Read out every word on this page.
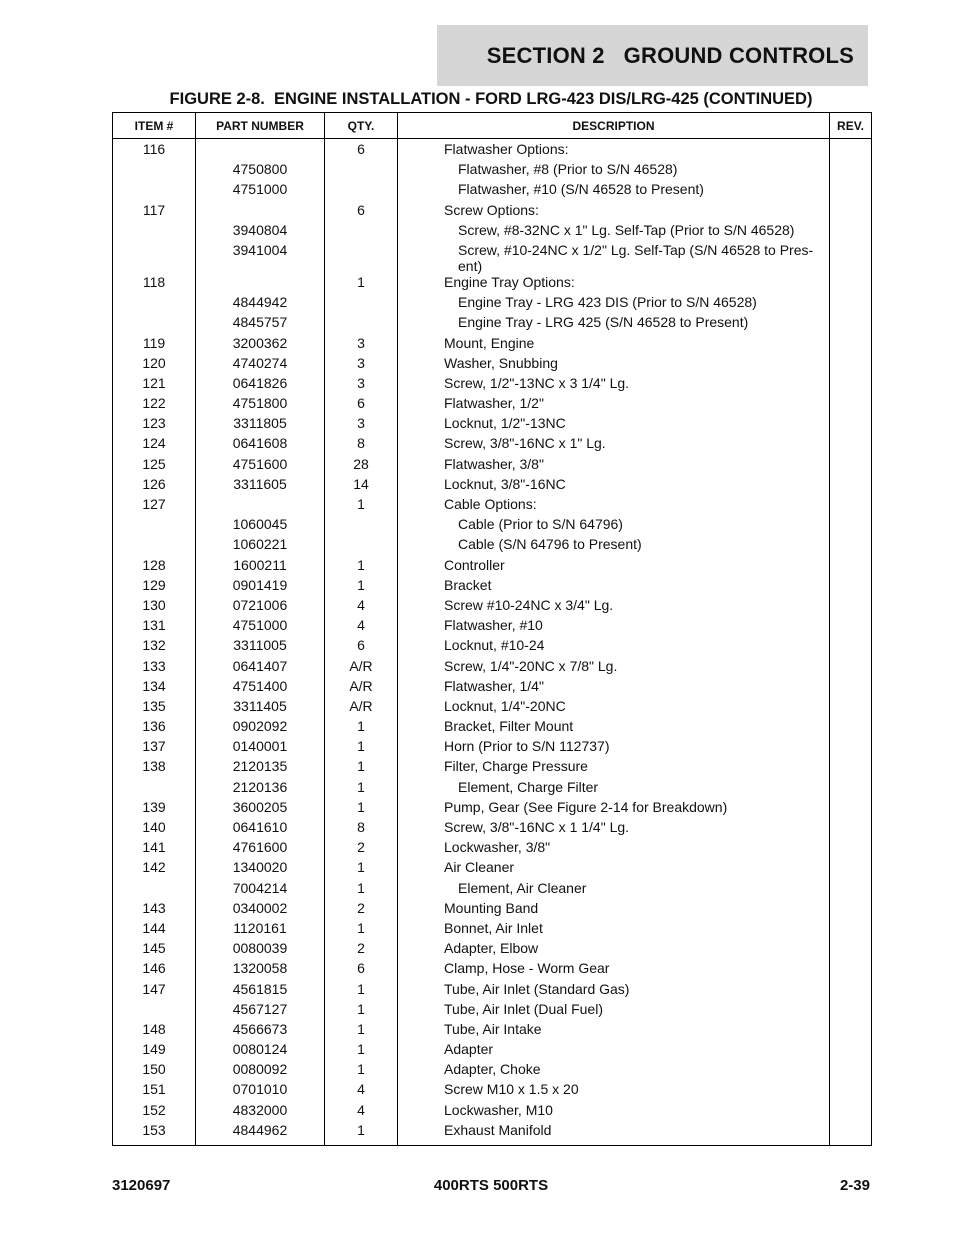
SECTION 2   GROUND CONTROLS
FIGURE 2-8.  ENGINE INSTALLATION - FORD LRG-423 DIS/LRG-425 (CONTINUED)
ITEM #	PART NUMBER	QTY.	DESCRIPTION	REV.
116		6	Flatwasher Options:	
	4750800		Flatwasher, #8 (Prior to S/N 46528)	
	4751000		Flatwasher, #10 (S/N 46528 to Present)	
117		6	Screw Options:	
	3940804		Screw, #8-32NC x 1" Lg. Self-Tap (Prior to S/N 46528)	
	3941004		Screw, #10-24NC x 1/2" Lg. Self-Tap (S/N 46528 to Pres-ent)	
118		1	Engine Tray Options:	
	4844942		Engine Tray - LRG 423 DIS (Prior to S/N 46528)	
	4845757		Engine Tray - LRG 425 (S/N 46528 to Present)	
119	3200362	3	Mount, Engine	
120	4740274	3	Washer, Snubbing	
121	0641826	3	Screw, 1/2"-13NC x 3 1/4" Lg.	
122	4751800	6	Flatwasher, 1/2"	
123	3311805	3	Locknut, 1/2"-13NC	
124	0641608	8	Screw, 3/8"-16NC x 1" Lg.	
125	4751600	28	Flatwasher, 3/8"	
126	3311605	14	Locknut, 3/8"-16NC	
127		1	Cable Options:	
	1060045		Cable (Prior to S/N 64796)	
	1060221		Cable (S/N 64796 to Present)	
128	1600211	1	Controller	
129	0901419	1	Bracket	
130	0721006	4	Screw #10-24NC x 3/4" Lg.	
131	4751000	4	Flatwasher, #10	
132	3311005	6	Locknut, #10-24	
133	0641407	A/R	Screw, 1/4"-20NC x 7/8" Lg.	
134	4751400	A/R	Flatwasher, 1/4"	
135	3311405	A/R	Locknut, 1/4"-20NC	
136	0902092	1	Bracket, Filter Mount	
137	0140001	1	Horn (Prior to S/N 112737)	
138	2120135	1	Filter, Charge Pressure	
	2120136	1	Element, Charge Filter	
139	3600205	1	Pump, Gear (See Figure 2-14 for Breakdown)	
140	0641610	8	Screw, 3/8"-16NC x 1 1/4" Lg.	
141	4761600	2	Lockwasher, 3/8"	
142	1340020	1	Air Cleaner	
	7004214	1	Element, Air Cleaner	
143	0340002	2	Mounting Band	
144	1120161	1	Bonnet, Air Inlet	
145	0080039	2	Adapter, Elbow	
146	1320058	6	Clamp, Hose - Worm Gear	
147	4561815	1	Tube, Air Inlet (Standard Gas)	
	4567127	1	Tube, Air Inlet (Dual Fuel)	
148	4566673	1	Tube, Air Intake	
149	0080124	1	Adapter	
150	0080092	1	Adapter, Choke	
151	0701010	4	Screw M10 x 1.5 x 20	
152	4832000	4	Lockwasher, M10	
153	4844962	1	Exhaust Manifold	
3120697	400RTS 500RTS	2-39
